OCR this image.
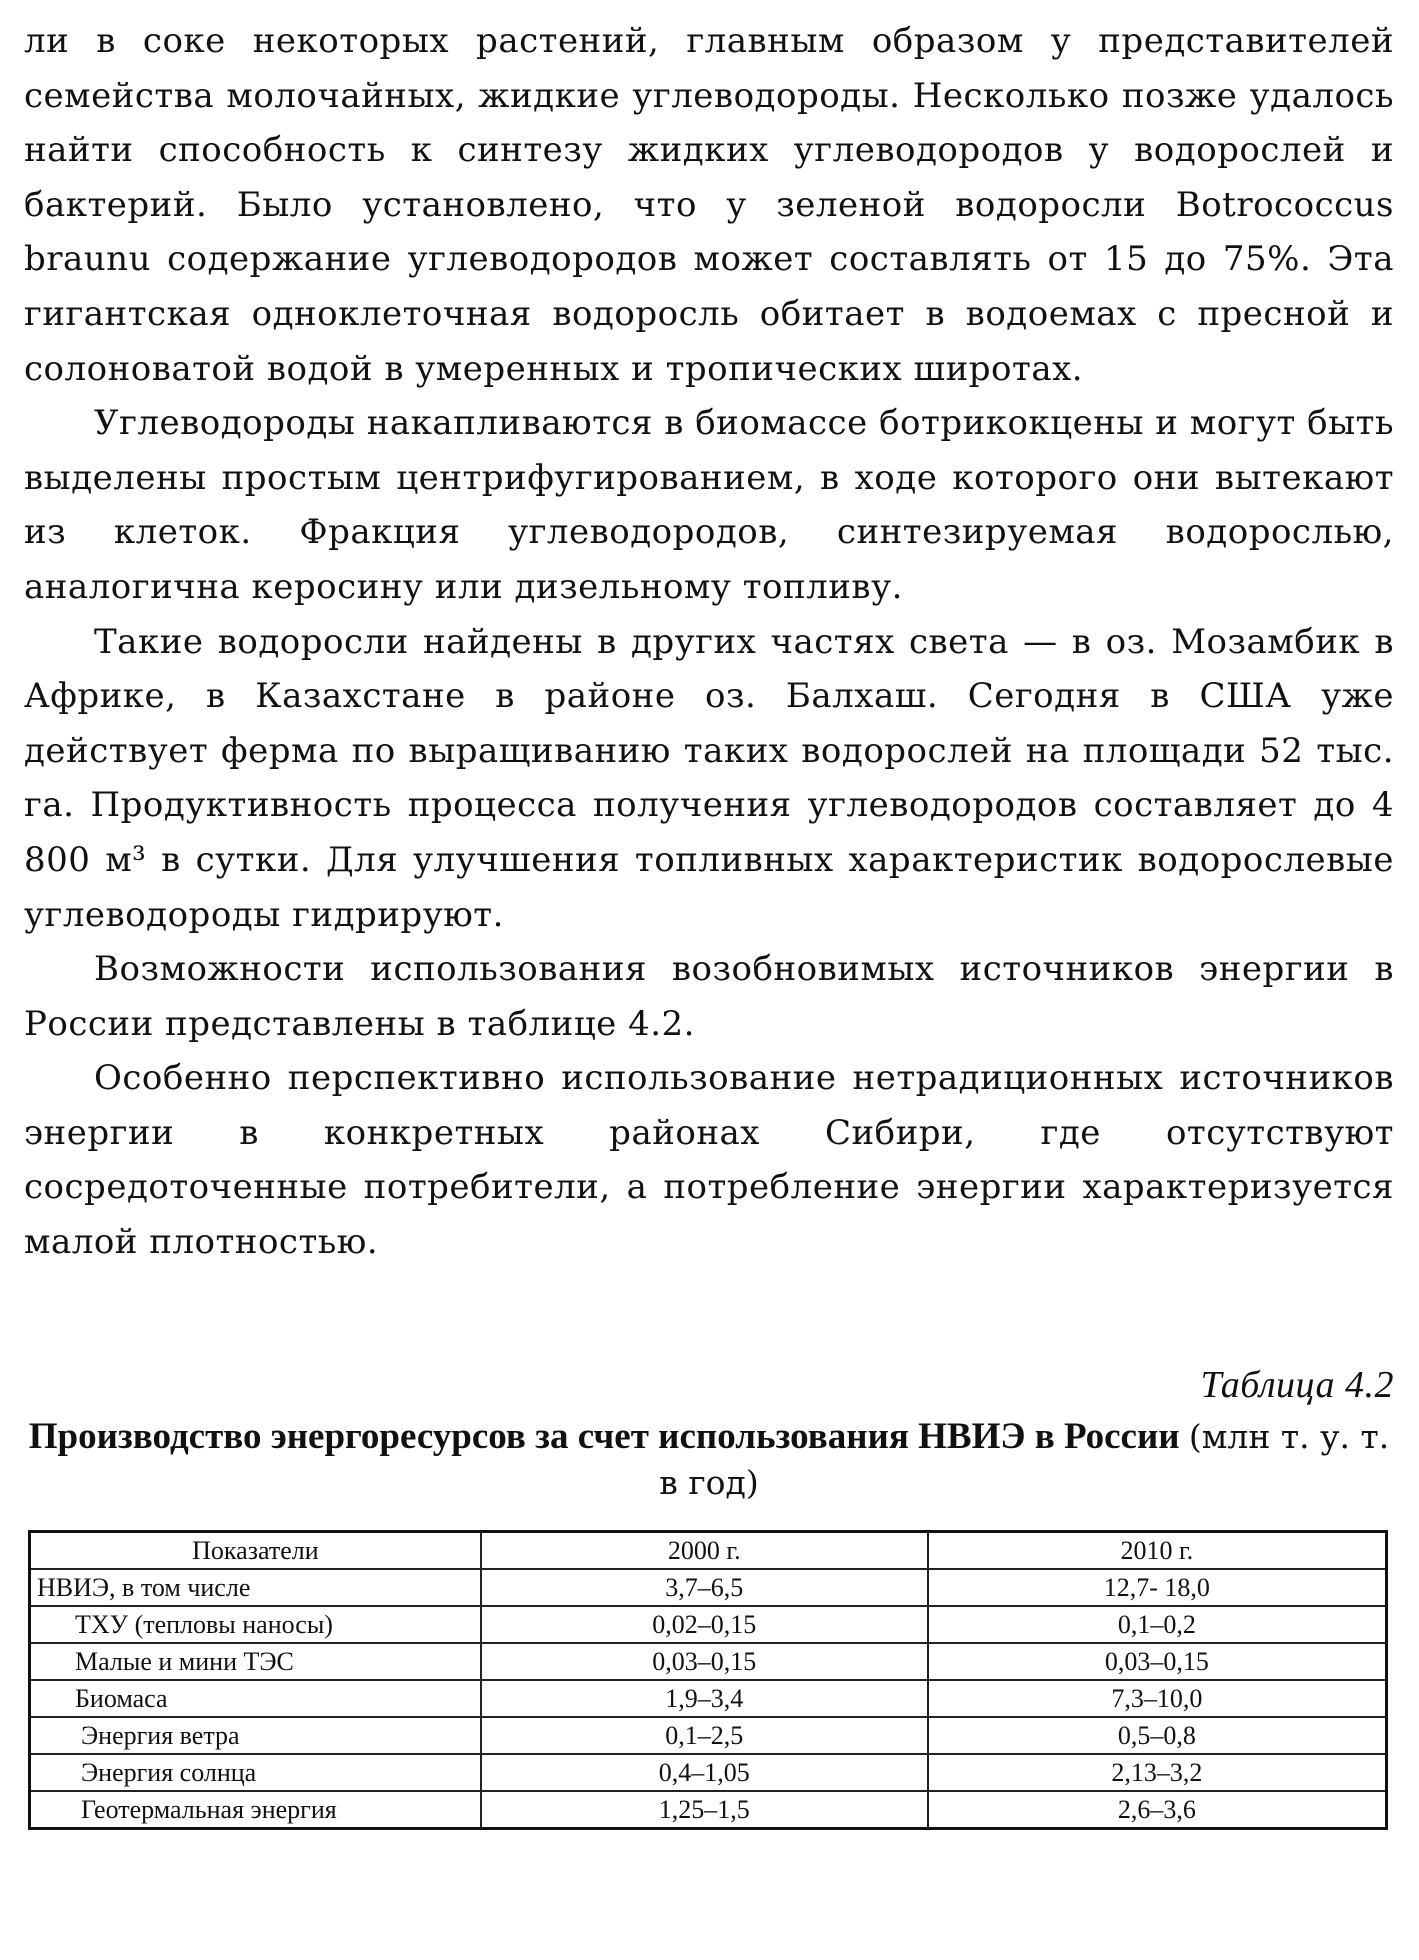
ли в соке некоторых растений, главным образом у представителей семейства молочайных, жидкие углеводороды. Несколько позже удалось найти способность к синтезу жидких углеводородов у водорослей и бактерий. Было установлено, что у зеленой водоросли Botrococcus braunu содержание углеводородов может составлять от 15 до 75%. Эта гигантская одноклеточная водоросль обитает в водоемах с пресной и солоноватой водой в умеренных и тропических широтах.

Углеводороды накапливаются в биомассе ботрикокцены и могут быть выделены простым центрифугированием, в ходе которого они вытекают из клеток. Фракция углеводородов, синтезируемая водорослью, аналогична керосину или дизельному топливу.

Такие водоросли найдены в других частях света — в оз. Мозамбик в Африке, в Казахстане в районе оз. Балхаш. Сегодня в США уже действует ферма по выращиванию таких водорослей на площади 52 тыс. га. Продуктивность процесса получения углеводородов составляет до 4 800 м³ в сутки. Для улучшения топливных характеристик водорослевые углеводороды гидрируют.

Возможности использования возобновимых источников энергии в России представлены в таблице 4.2.

Особенно перспективно использование нетрадиционных источников энергии в конкретных районах Сибири, где отсутствуют сосредоточенные потребители, а потребление энергии характеризуется малой плотностью.

Таблица 4.2
Производство энергоресурсов за счет использования НВИЭ в России (млн т. у. т. в год)
Показатели	2000 г.	2010 г.
НВИЭ, в том числе	3,7–6,5	12,7- 18,0
ТХУ (тепловы наносы)	0,02–0,15	0,1–0,2
Малые и мини ТЭС	0,03–0,15	0,03–0,15
Биомаса	1,9–3,4	7,3–10,0
Энергия ветра	0,1–2,5	0,5–0,8
Энергия солнца	0,4–1,05	2,13–3,2
Геотермальная энергия	1,25–1,5	2,6–3,6
